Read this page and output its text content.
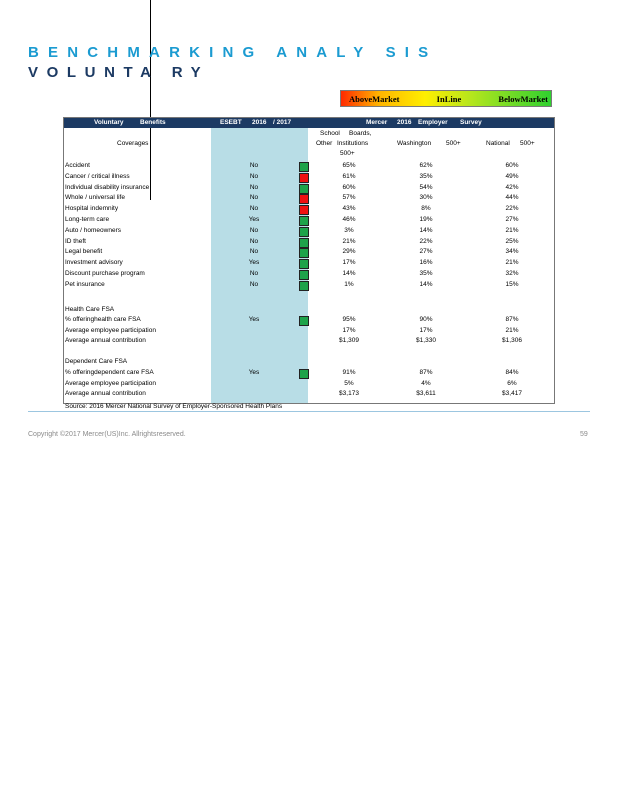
BENCHMARKING ANALY SIS
VOLUNTA RY
AboveMarket	InLine	BelowMarket
Voluntary	Benefits	ESEBT 2016 / 2017	Mercer 2016 Employer Survey
School Boards,
Other Institutions
500+
Coverages	Washington 500+	National 500+
Accident	No	65%	62%	60%
Cancer / critical illness	No	61%	35%	49%
Individual disability insurance	No	60%	54%	42%
Whole / universal life	No	57%	30%	44%
Hospital indemnity	No	43%	8%	22%
Long-term care	Yes	46%	19%	27%
Auto / homeowners	No	3%	14%	21%
ID theft	No	21%	22%	25%
Legal benefit	No	29%	27%	34%
Investment advisory	Yes	17%	16%	21%
Discount purchase program	No	14%	35%	32%
Pet insurance	No	1%	14%	15%
Health Care FSA
% offeringhealth care FSA	Yes	95%	90%	87%
Average employee participation	17%	17%	21%
Average annual contribution	$1,309	$1,330	$1,306
Dependent Care FSA
% offeringdependent care FSA	Yes	91%	87%	84%
Average employee participation	5%	4%	6%
Average annual contribution	$3,173	$3,611	$3,417
Source: 2016 Mercer National Survey of Employer-Sponsored Health Plans
Copyright ©2017 Mercer(US)Inc. Allrightsreserved.	59
